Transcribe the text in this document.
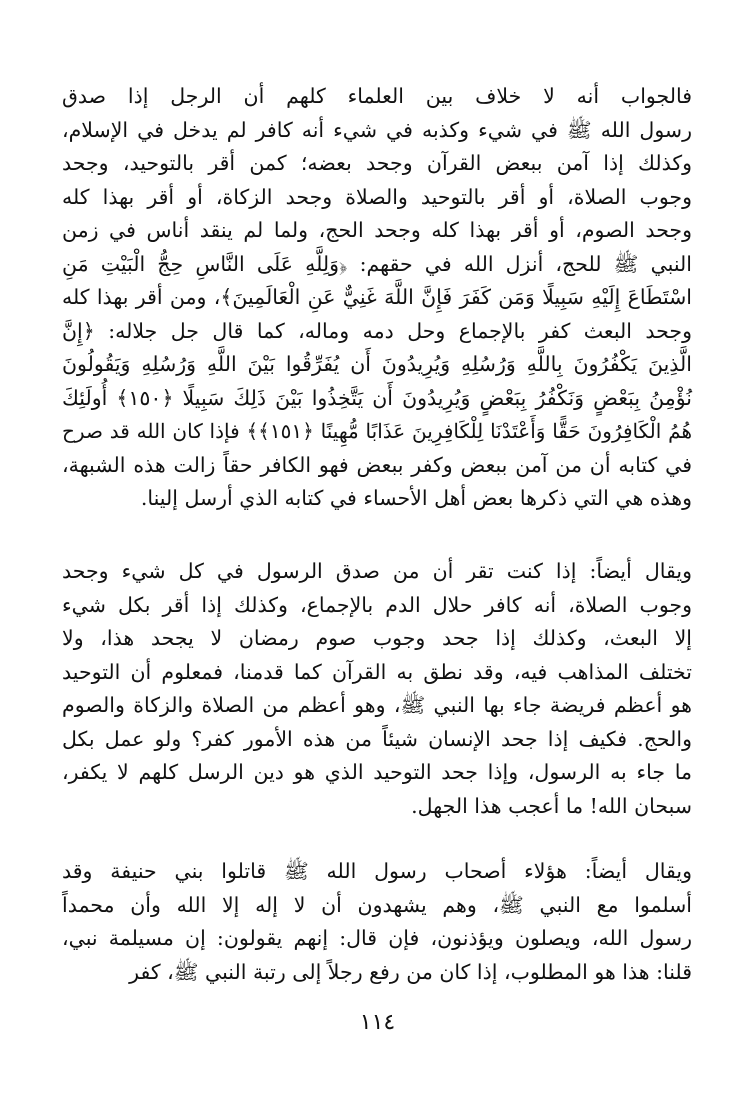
فالجواب أنه لا خلاف بين العلماء كلهم أن الرجل إذا صدق
رسول الله ﷺ في شيء وكذبه في شيء أنه كافر لم يدخل في الإسلام،
وكذلك إذا آمن ببعض القرآن وجحد بعضه؛ كمن أقر بالتوحيد، وجحد
وجوب الصلاة، أو أقر بالتوحيد والصلاة وجحد الزكاة، أو أقر بهذا كله
وجحد الصوم، أو أقر بهذا كله وجحد الحج، ولما لم ينقد أناس في زمن
النبي ﷺ للحج، أنزل الله في حقهم: ﴿وَلِلَّهِ عَلَى النَّاسِ حِجُّ الْبَيْتِ مَنِ
اسْتَطَاعَ إِلَيْهِ سَبِيلًا وَمَن كَفَرَ فَإِنَّ اللَّهَ غَنِيٌّ عَنِ الْعَالَمِينَ﴾، ومن أقر بهذا كله
وجحد البعث كفر بالإجماع وحل دمه وماله، كما قال جل جلاله: ﴿إِنَّ
الَّذِينَ يَكْفُرُونَ بِاللَّهِ وَرُسُلِهِ وَيُرِيدُونَ أَن يُفَرِّقُوا بَيْنَ اللَّهِ وَرُسُلِهِ وَيَقُولُونَ
نُؤْمِنُ بِبَعْضٍ وَنَكْفُرُ بِبَعْضٍ وَيُرِيدُونَ أَن يَتَّخِذُوا بَيْنَ ذَلِكَ سَبِيلًا ﴿١٥٠﴾ أُولَئِكَ
هُمُ الْكَافِرُونَ حَقًّا وَأَعْتَدْنَا لِلْكَافِرِينَ عَذَابًا مُّهِينًا ﴿١٥١﴾﴾ فإذا كان الله قد صرح
في كتابه أن من آمن ببعض وكفر ببعض فهو الكافر حقاً زالت هذه الشبهة،
وهذه هي التي ذكرها بعض أهل الأحساء في كتابه الذي أرسل إلينا.
ويقال أيضاً: إذا كنت تقر أن من صدق الرسول في كل شيء وجحد
وجوب الصلاة، أنه كافر حلال الدم بالإجماع، وكذلك إذا أقر بكل شيء
إلا البعث، وكذلك إذا جحد وجوب صوم رمضان لا يجحد هذا، ولا
تختلف المذاهب فيه، وقد نطق به القرآن كما قدمنا، فمعلوم أن التوحيد
هو أعظم فريضة جاء بها النبي ﷺ، وهو أعظم من الصلاة والزكاة والصوم
والحج. فكيف إذا جحد الإنسان شيئاً من هذه الأمور كفر؟ ولو عمل بكل
ما جاء به الرسول، وإذا جحد التوحيد الذي هو دين الرسل كلهم لا يكفر،
سبحان الله! ما أعجب هذا الجهل.
ويقال أيضاً: هؤلاء أصحاب رسول الله ﷺ قاتلوا بني حنيفة وقد
أسلموا مع النبي ﷺ، وهم يشهدون أن لا إله إلا الله وأن محمداً
رسول الله، ويصلون ويؤذنون، فإن قال: إنهم يقولون: إن مسيلمة نبي،
قلنا: هذا هو المطلوب، إذا كان من رفع رجلاً إلى رتبة النبي ﷺ، كفر
١١٤
